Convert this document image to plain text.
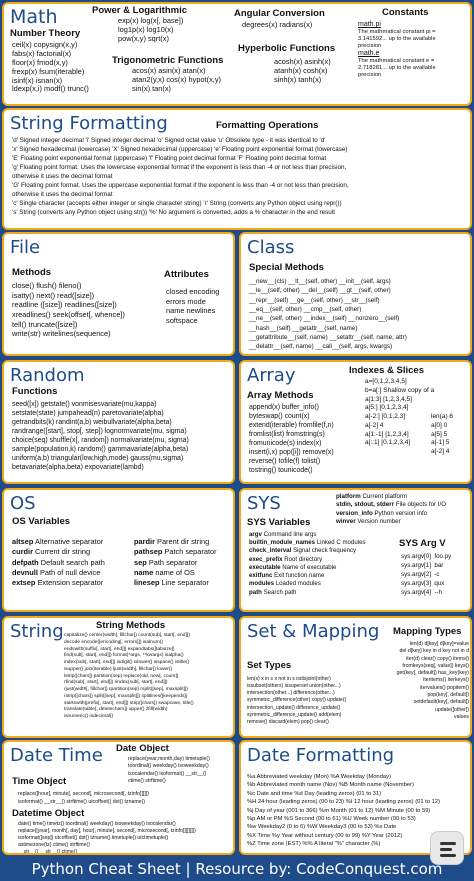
Math
Number Theory
ceil(x) copysign(x,y)
fabs(x) factorial(x)
floor(x) fmod(x,y)
frexp(x) fsum(iterable)
isinf(x) isnan(x)
ldexp(x,i) modf() trunc()
Power & Logarithmic
exp(x) log(x[, base])
log1p(x) log10(x)
pow(x,y) sqrt(x)
Trigonometric Functions
acos(x) asin(x) atan(x)
atan2(y,x) cos(x) hypot(x,y)
sin(x) tan(x)
Angular Conversion
degrees(x) radians(x)
Hyperbolic Functions
acosh(x) asinh(x)
atanh(x) cosh(x)
sinh(x) tanh(x)
Constants
math.pi
The mathmatical constant pi =
3.141592... up to the available
precision
math.e
The mathmatical constant e =
2.718281... up to the available
precision
String Formatting	Formatting Operations
'd' Signed integer decimal 'i' Signed integer decimal 'o' Signed octal value 'u' Obsolete type - it was identical to 'd'
'x' Signed hexadecimal (lowercase) 'X' Signed hexadecimal (uppercase) 'e' Floating point exponential format (lowercase)
'E' Floating point exponential format (uppercase) 'f' Floating point decimal format 'F' Floating point decimal format
'g' Floating point format. Uses the lowercase exponential format if the exponent is less than -4 or not less than precision,
otherwise it uses the decimal format
'G' Floating point format. Uses the uppercase exponential format if the exponent is less than -4 or not less than precision,
otherwise it uses the decimal format
'c' Single character (accepts either integer or single character string) 'r' String (converts any Python object using repr())
's' String (converts any Python object using str()) '%' No argument is converted, adds a % character in the end result
File
Methods
close() flush() fileno()
isatty() next() read([size])
readline ([size]) readlines([size])
xreadlines() seek(offset[, whence])
tell() truncate([size])
write(str) writelines(sequence)
Attributes
closed encoding
errors mode
name newlines
softspace
Class
Special Methods
__new__(cls) __lt__(self, other) __init__(self, args)
__le__(self, other) __del__(self) __gt__(self, other)
__repr__(self) __ge__(self, other) __str__(self)
__eq__(self, other) __cmp__(self, other)
__ne__(self, other) __index__(self) __nonzero__(self)
__hash__(self) __getattr__(self, name)
__getattribute__(self, name) __setattr__(self, name, attr)
__delattr__(self, name) __call__(self, args, kwargs)
Random
Functions
seed([x]) getstate() vonmisesvariate(mu,kappa)
setstate(state) jumpahead(n) paretovariate(alpha)
getrandbits(k) randint(a,b) weibullvariate(alpha,beta)
randrange([start], stop[, step]) lognormvariate(mu, sigma)
choice(seq) shuffle(x[, random]) normalvariate(mu, sigma)
sample(population,k) random() gammavariate(alpha,beta)
uniform(a,b) triangular(low,high,mode) gauss(mu,sigma)
betavariate(alpha,beta) expovariate(lambd)
Array
Array Methods
append(x) buffer_info()
byteswap() count(x)
extend(iterable) fromfile(f,n)
fromlist(list) fromstring(s)
fromunicode(s) index(x)
insert(i,x) pop([i]) remove(x)
reverse() tofile(f) tolist()
tostring() tounicode()
Indexes & Slices
a=[0,1,2,3,4,5]
b=a[:] Shallow copy of a
a[1:3] [1,2,3,4,5]
a[5:] [0,1,2,3,4]
a[-2:] [0,1,2,3]
a[-2] 4
a[1:-1] [1,2,3,4]
a[::1] [0,1,2,3,4]
len(a) 6
a[0] 0
a[5] 5
a[-1] 5
a[-2] 4
OS
OS Variables
altsep Alternative separator
curdir Current dir string
defpath Default search path
devnull Path of null device
extsep Extension separator
pardir Parent dir string
pathsep Patch separator
sep Path separator
name name of OS
linesep Line separator
SYS	platform Current platform
stdin, stdout, stderr File objects for I/O
version_info Python version info
winver Version number
SYS Variables
argv Command line args
builtin_module_names Linked C modules
check_interval Signal check frequency
exec_prefix Root directory
executable Name of executable
exitfunc Exit function name
modules Loaded modules
path Search path
SYS Arg V
sys.argv[0] foo.py
sys.argv[1] bar
sys.argv[2] -c
sys.argv[3] qux
sys.argv[4] --h
String	String Methods
capitalize() center(width[, fillchar]) count(sub[, start[, end]])
decode encode([encoding[, errors]]) isalnum()
endswith(suffix[, start[, end]]) expandtabs([tabsize])
find(sub[, start[, end]]) format(*args, **kwargs) isalpha()
index(sub[, start[, end]]) isdigit() islower() isspace() istitle()
isupper() join(iterable) ljust(width[, fillchar]) lower()
lstrip([chars]) partition(sep) replace(old, new[, count])
rfind(sub[, start[, end]]) rindex(sub[, start[, end]])
rjust(width[, fillchar]) rpartition(sep) rsplit([sep[, maxsplit]])
rstrip([chars]) split([sep[, maxsplit]]) splitlines([keepends])
startswith(prefix[, start[, end]]) strip([chars]) swapcase, title()
translate(table[, deletechars]) upper() zfill(width)
isnumeric() isdecimal()
Set & Mapping
Set Types
len(s) x in s x not in s isdisjoint(other)
issubset(others) issuperset union(other...)
intersection(other...) difference(other...)
symmetric_difference(other) copy() update()
intersection_update() difference_update()
symmetric_difference_update() add(elem)
remove() discard(elem) pop() clear()
Mapping Types
len(d) d[key] d[key]=value
del d[key] key in d key not in d
iter(d) clear() copy() items()
fromkeys(seq[, value]) keys()
get(key[, default]) has_key(key)
iteritems() iterkeys()
itervalues() popitem()
pop(key[, default])
setdefault(key[, default])
update([other])
values
Date Time Date Object
replace(year,month,day) timetuple()
toordinal() weekday() isoweekday()
isocalendar() isoformat() __str__()
ctime() strftime()
Time Object
replace([hour[, minute[, second[, microsecond[, tzinfo]]]]])
isoformat() __str__() strftime() utcoffset() dst() tzname()
Datetime Object
date() time() timetz() toordinal() weekday() isoweekday() isocalendar()
replace([year[, month[, day[, hour[, minute[, second[, microsecond[, tzinfo]]]]]]]])
isoformat([sep]) utcoffset() dst() tzname() timetuple() utctimetuple()
astimezone(tz) ctime() strftime()
__str__() __str__() ctime()
Date Formatting
%a Abbreviated weekday (Mon) %A Weekday (Monday)
%b Abbreviated month name (Nov) %B Month name (November)
%c Date and time %d Day (leading zeros) (01 to 31)
%H 24 hour (leading zeros) (00 to 23) %I 12 hour (leading zeros) (01 to 12)
%j Day of year (001 to 366) %m Month (01 to 12) %M Minute (00 to 59)
%p AM or PM %S Second (00 to 61) %U Week number (00 to 53)
%w Weekday2 (0 to 6) %W Weekday3 (00 to 53) %x Date
%X Time %y Year without century (00 to 99) %Y Year (2012)
%Z Time zone (EST) %% A literal "%" character (%)
Python Cheat Sheet | Resource by: CodeConquest.com
